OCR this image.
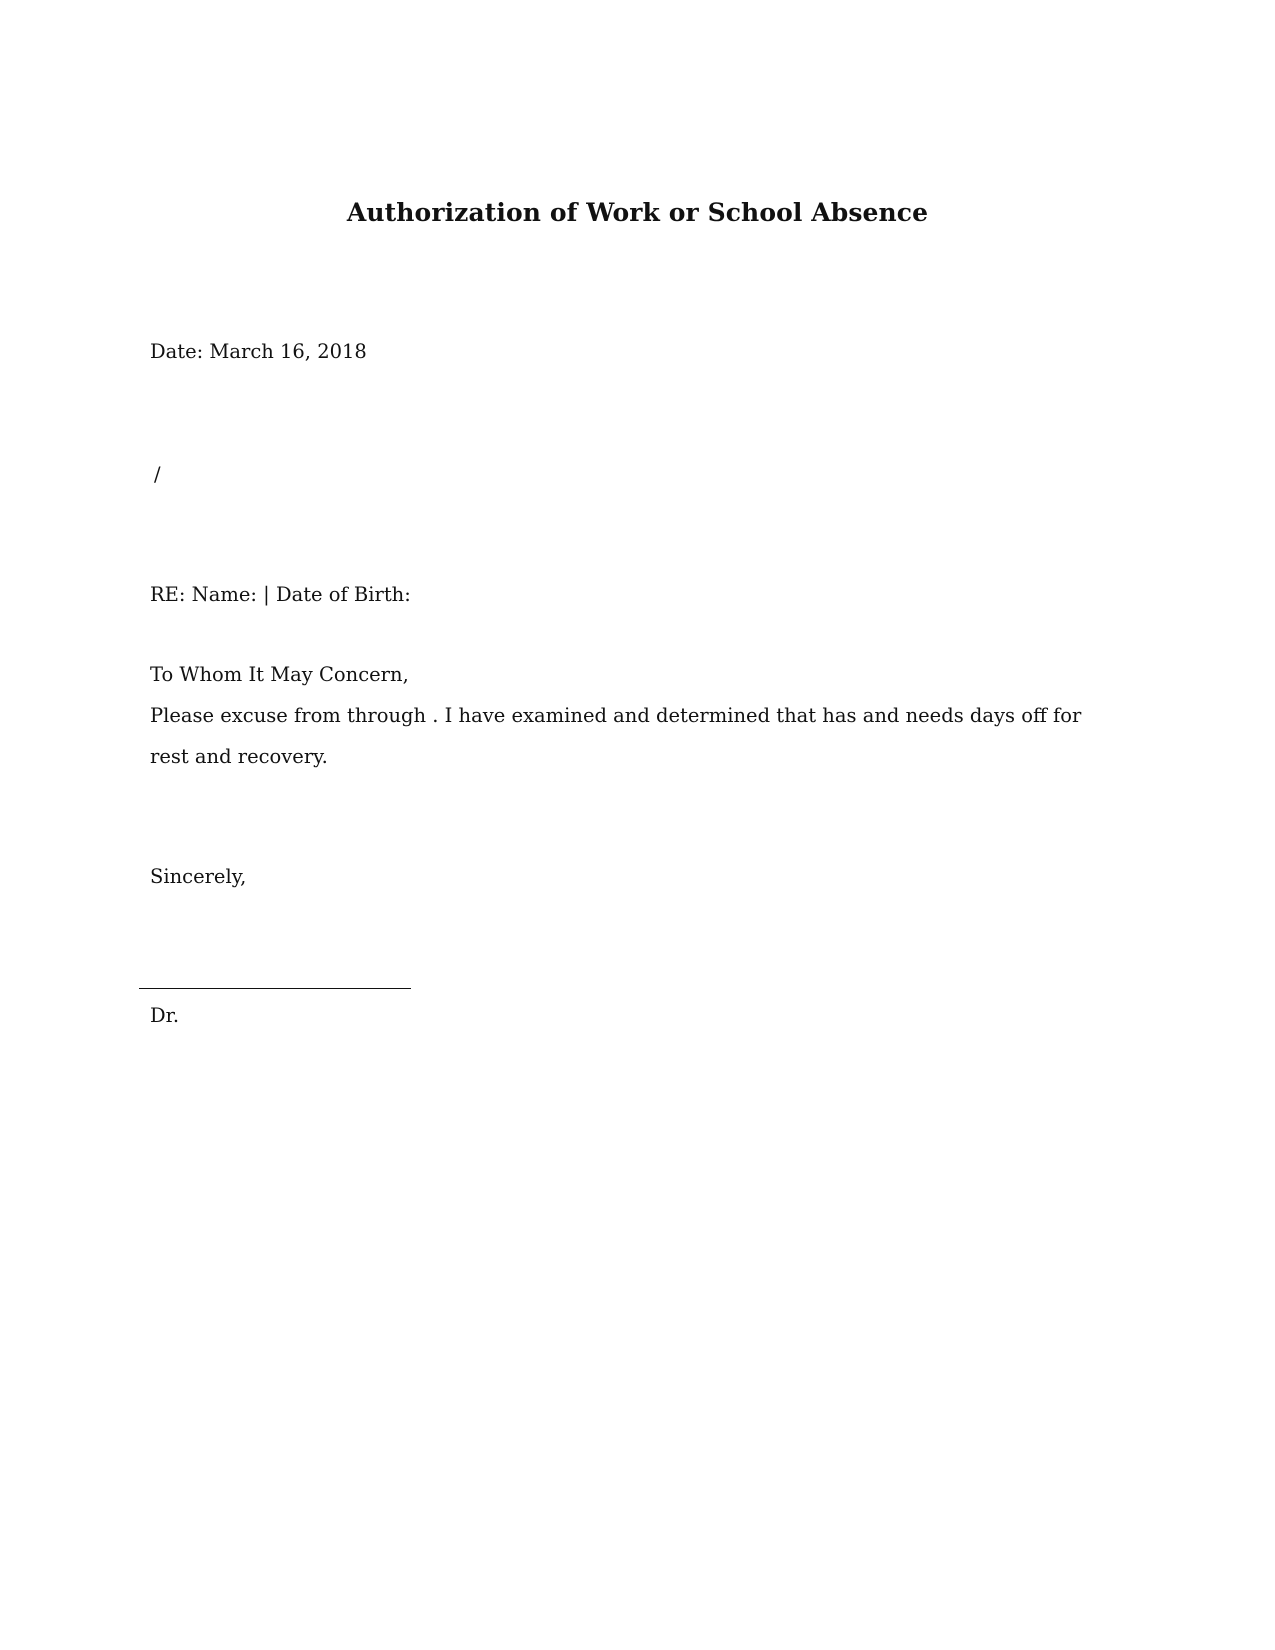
Authorization of Work or School Absence
Date: March 16, 2018
/
RE: Name: | Date of Birth:
To Whom It May Concern,
Please excuse from through . I have examined and determined that has and needs days off for rest and recovery.
Sincerely,
Dr.
